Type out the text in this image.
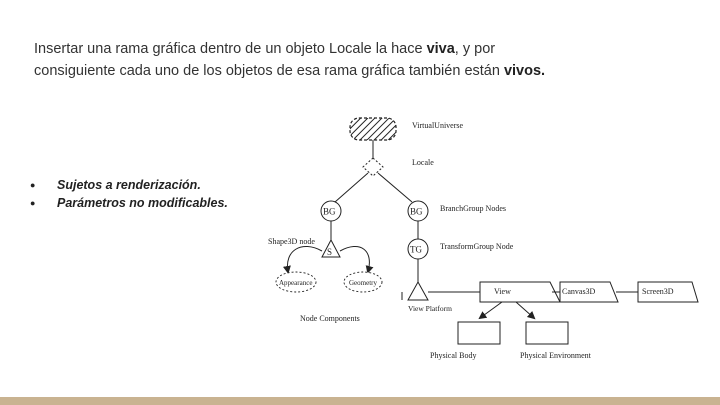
Insertar una rama gráfica dentro de un objeto Locale la hace viva, y por consiguiente cada uno de los objetos de esa rama gráfica también están vivos.
● Sujetos a renderización.
● Parámetros no modificables.
VirtualUniverse
Locale
BG	BG BranchGroup Nodes
Shape3D node
S
Appearance	Geometry
Node Components
TG TransformGroup Node
View Platform
View	Canvas3D	Screen3D
Physical Body	Physical Environment
